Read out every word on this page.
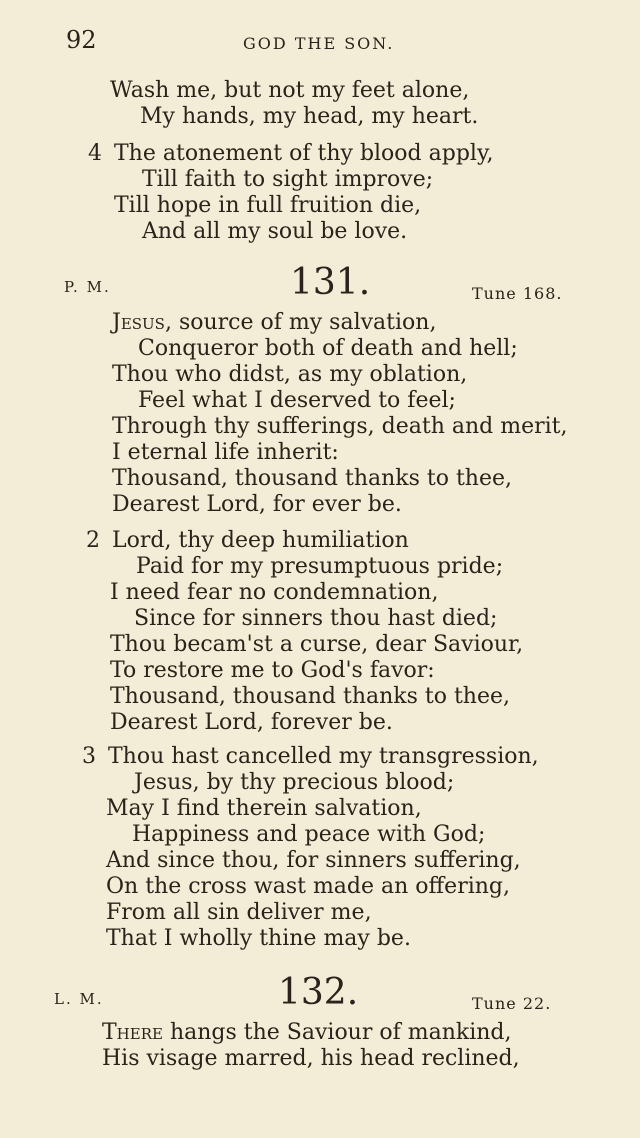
92	GOD THE SON.
Wash me, but not my feet alone,
My hands, my head, my heart.
4 The atonement of thy blood apply,
Till faith to sight improve;
Till hope in full fruition die,
And all my soul be love.
P. M.	131.	Tune 168.
Jesus, source of my salvation,
Conqueror both of death and hell;
Thou who didst, as my oblation,
Feel what I deserved to feel;
Through thy sufferings, death and merit,
I eternal life inherit:
Thousand, thousand thanks to thee,
Dearest Lord, for ever be.
2 Lord, thy deep humiliation
Paid for my presumptuous pride;
I need fear no condemnation,
Since for sinners thou hast died;
Thou becam'st a curse, dear Saviour,
To restore me to God's favor:
Thousand, thousand thanks to thee,
Dearest Lord, forever be.
3 Thou hast cancelled my transgression,
Jesus, by thy precious blood;
May I find therein salvation,
Happiness and peace with God;
And since thou, for sinners suffering,
On the cross wast made an offering,
From all sin deliver me,
That I wholly thine may be.
L. M.	132.	Tune 22.
There hangs the Saviour of mankind,
His visage marred, his head reclined,
